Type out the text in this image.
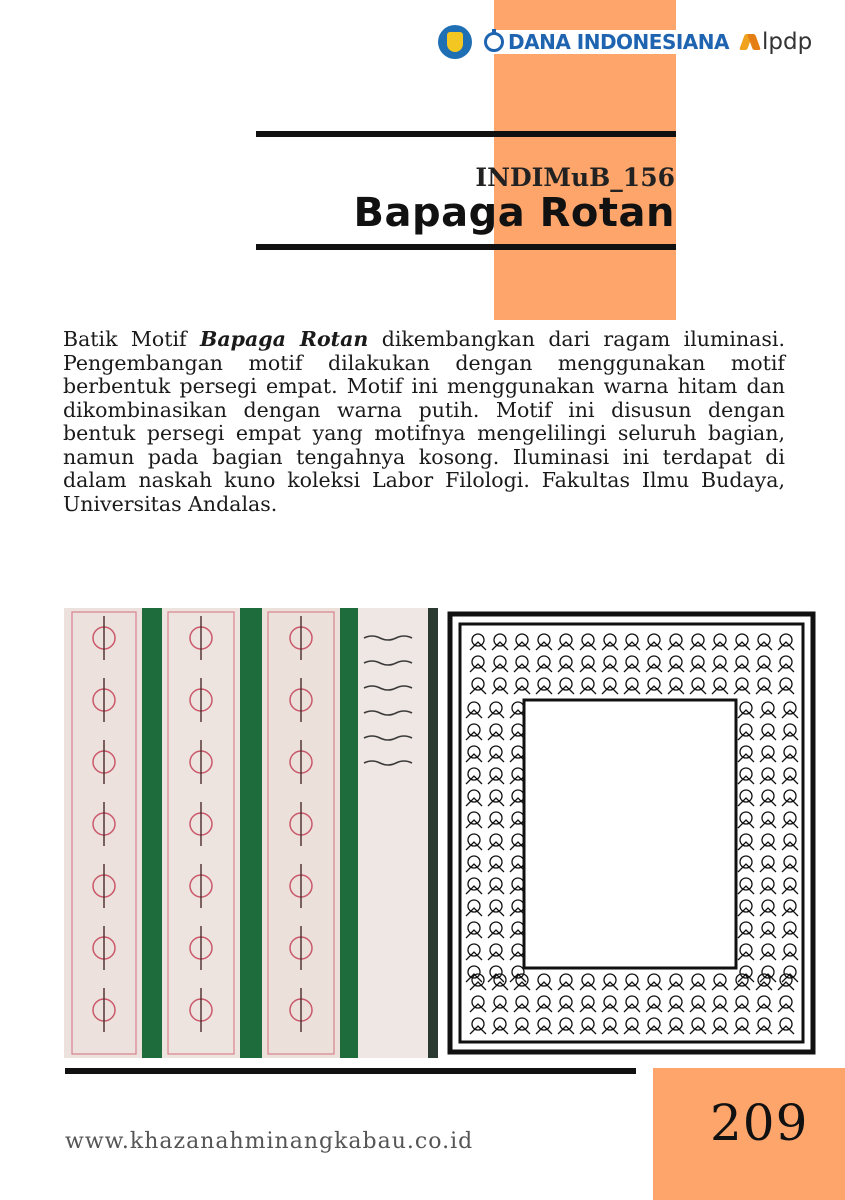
DANA INDONESIANA lpdp
INDIMuB_156
Bapaga Rotan

Batik Motif Bapaga Rotan dikembangkan dari ragam iluminasi. Pengembangan motif dilakukan dengan menggunakan motif berbentuk persegi empat. Motif ini menggunakan warna hitam dan dikombinasikan dengan warna putih. Motif ini disusun dengan bentuk persegi empat yang motifnya mengelilingi seluruh bagian, namun pada bagian tengahnya kosong. Iluminasi ini terdapat di dalam naskah kuno koleksi Labor Filologi. Fakultas Ilmu Budaya, Universitas Andalas.

www.khazanahminangkabau.co.id	209
